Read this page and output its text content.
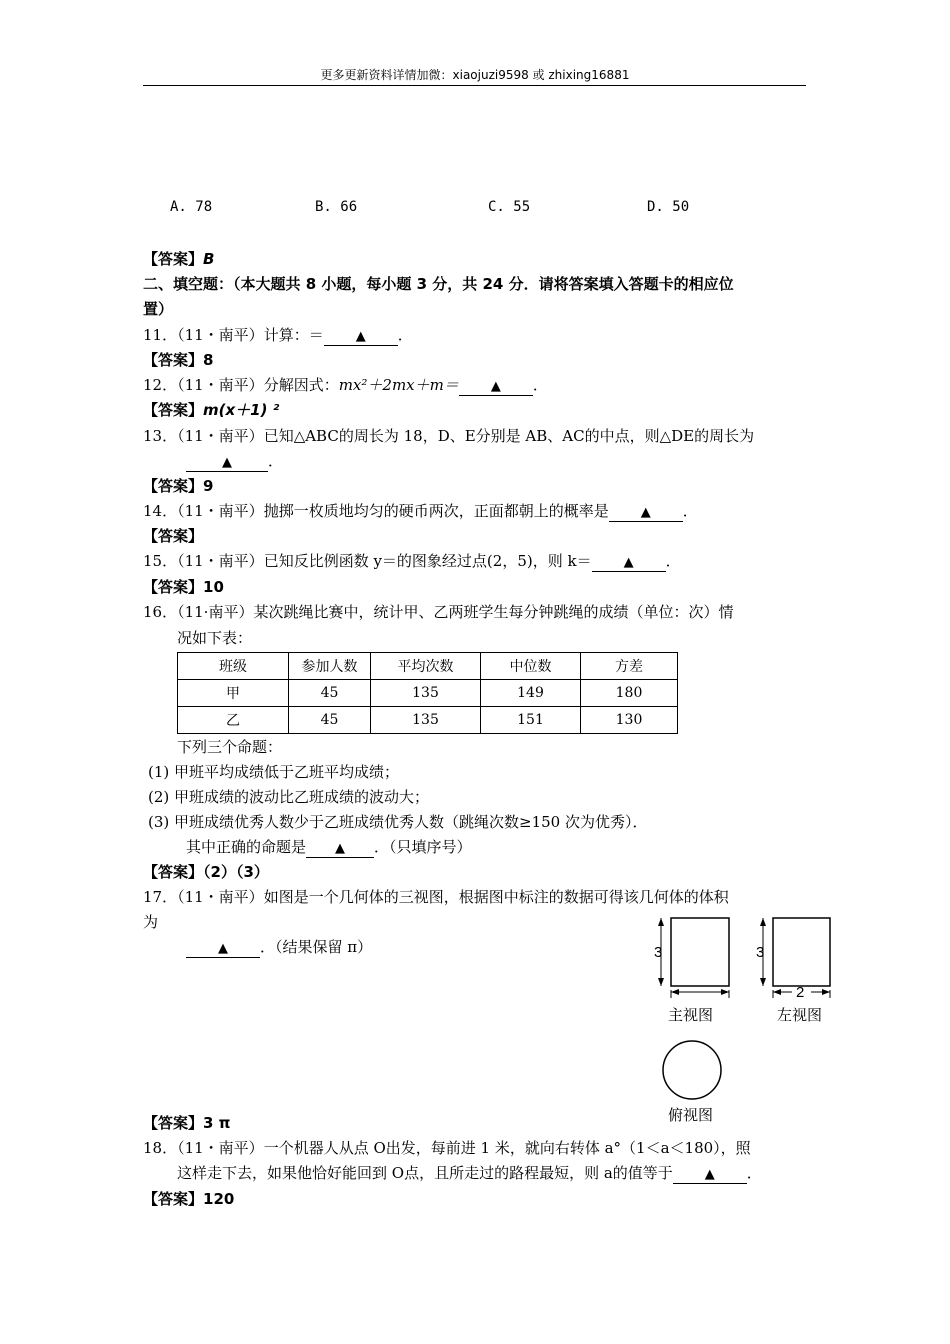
更多更新资料详情加微：xiaojuzi9598 或 zhixing16881
A. 78	B. 66	C. 55	D. 50
【答案】B
二、填空题：（本大题共 8 小题，每小题 3 分，共 24 分．请将答案填入答题卡的相应位
置）
11．（11・南平）计算：＝ ▲ ．
【答案】8
12．（11・南平）分解因式：mx²＋2mx＋m＝ ▲ ．
【答案】m(x＋1) ²
13．（11・南平）已知△ABC的周长为 18，D、E分别是 AB、AC的中点，则△DE的周长为
▲ ．
【答案】9
14．（11・南平）抛掷一枚质地均匀的硬币两次，正面都朝上的概率是 ▲ ．
【答案】
15．（11・南平）已知反比例函数 y＝的图象经过点(2，5)，则 k＝ ▲ ．
【答案】10
16．（11·南平）某次跳绳比赛中，统计甲、乙两班学生每分钟跳绳的成绩（单位：次）情
况如下表：
班级	参加人数	平均次数	中位数	方差
甲	45	135	149	180
乙	45	135	151	130
下列三个命题：
(1) 甲班平均成绩低于乙班平均成绩；
(2) 甲班成绩的波动比乙班成绩的波动大；
(3) 甲班成绩优秀人数少于乙班成绩优秀人数（跳绳次数≥150 次为优秀）．
其中正确的命题是 ▲ ．（只填序号）
【答案】（2）（3）
17．（11・南平）如图是一个几何体的三视图，根据图中标注的数据可得该几何体的体积
为
▲ ．（结果保留 π）	3	3
2
主视图	左视图
俯视图
【答案】3 π
18．（11・南平）一个机器人从点 O出发，每前进 1 米，就向右转体 a°（1＜a＜180），照
这样走下去，如果他恰好能回到 O点，且所走过的路程最短，则 a的值等于 ▲ ．
【答案】120
